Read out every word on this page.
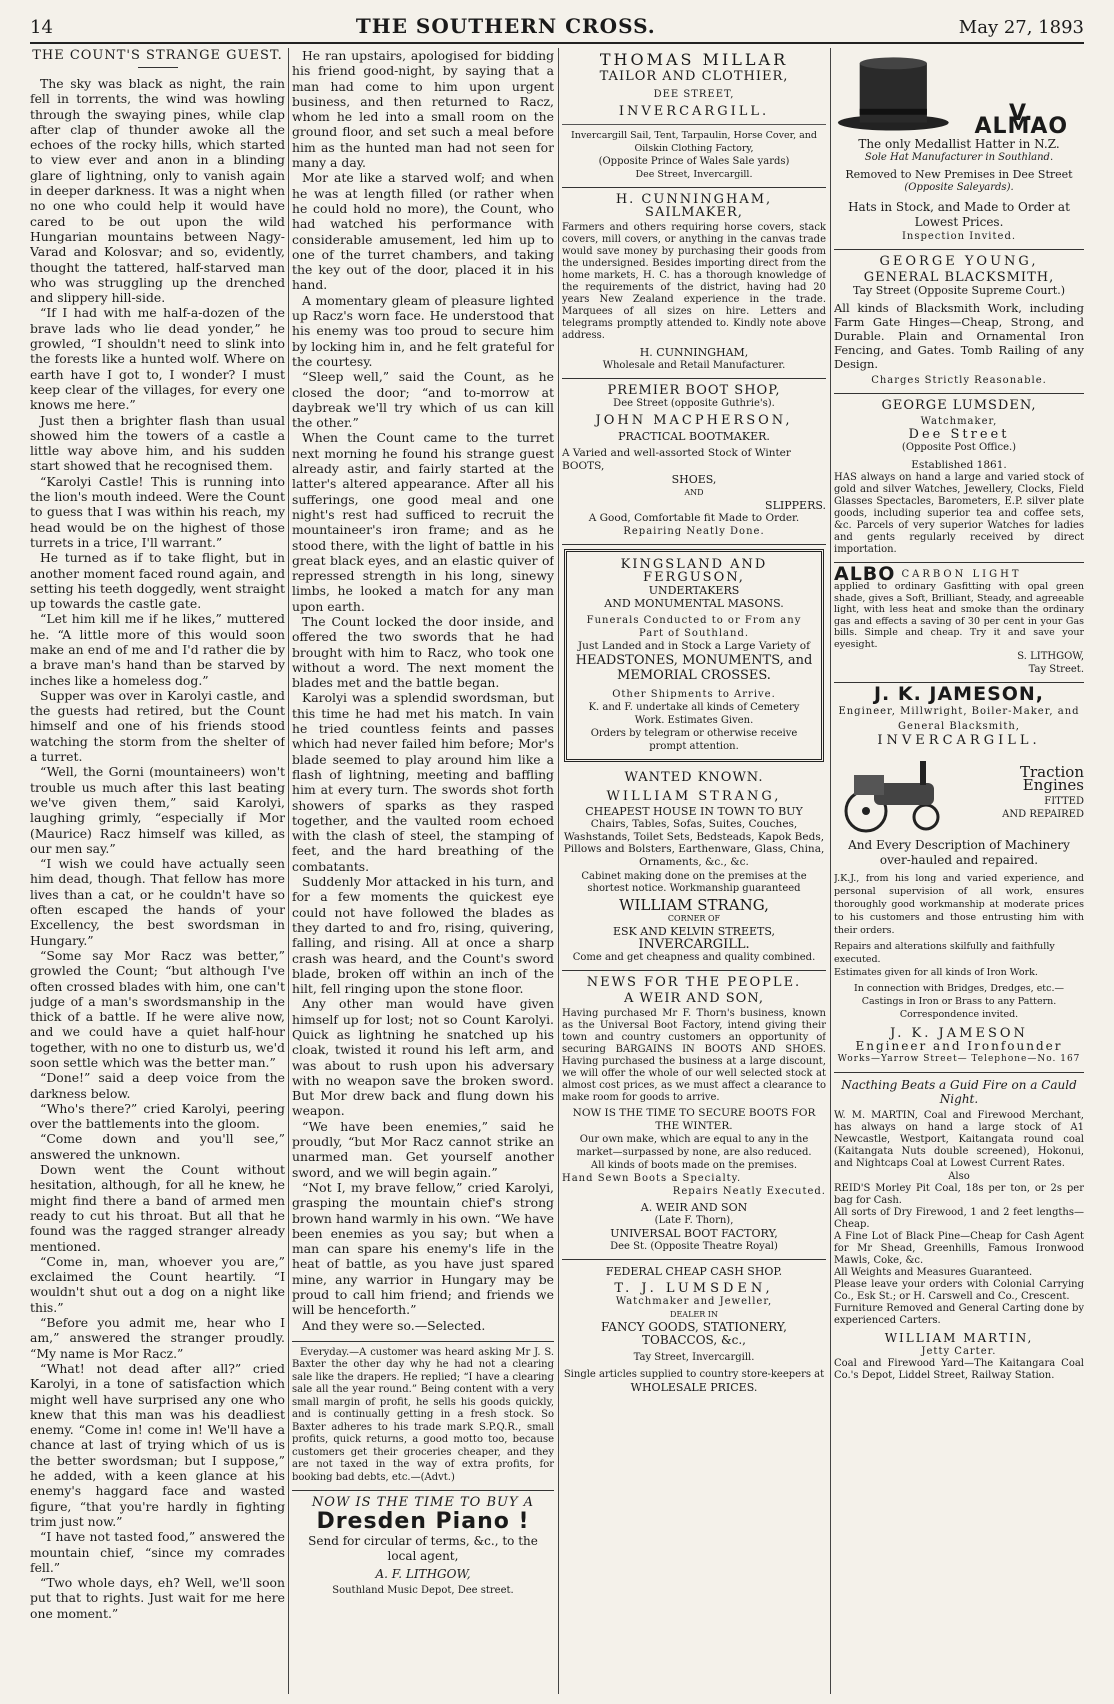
14	THE SOUTHERN CROSS.	May 27, 1893
THE COUNT'S STRANGE GUEST.

The sky was black as night, the rain fell in torrents, the wind was howling through the swaying pines, while clap after clap of thunder awoke all the echoes of the rocky hills, which started to view ever and anon in a blinding glare of lightning, only to vanish again in deeper darkness. It was a night when no one who could help it would have cared to be out upon the wild Hungarian mountains between Nagy-Varad and Kolosvar; and so, evidently, thought the tattered, half-starved man who was struggling up the drenched and slippery hill-side.

“If I had with me half-a-dozen of the brave lads who lie dead yonder,” he growled, “I shouldn't need to slink into the forests like a hunted wolf. Where on earth have I got to, I wonder? I must keep clear of the villages, for every one knows me here.”

Just then a brighter flash than usual showed him the towers of a castle a little way above him, and his sudden start showed that he recognised them.

“Karolyi Castle! This is running into the lion's mouth indeed. Were the Count to guess that I was within his reach, my head would be on the highest of those turrets in a trice, I'll warrant.”

He turned as if to take flight, but in another moment faced round again, and setting his teeth doggedly, went straight up towards the castle gate.

“Let him kill me if he likes,” muttered he. “A little more of this would soon make an end of me and I'd rather die by a brave man's hand than be starved by inches like a homeless dog.”

Supper was over in Karolyi castle, and the guests had retired, but the Count himself and one of his friends stood watching the storm from the shelter of a turret.

“Well, the Gorni (mountaineers) won't trouble us much after this last beating we've given them,” said Karolyi, laughing grimly, “especially if Mor (Maurice) Racz himself was killed, as our men say.”

“I wish we could have actually seen him dead, though. That fellow has more lives than a cat, or he couldn't have so often escaped the hands of your Excellency, the best swordsman in Hungary.”

“Some say Mor Racz was better,” growled the Count; “but although I've often crossed blades with him, one can't judge of a man's swordsmanship in the thick of a battle. If he were alive now, and we could have a quiet half-hour together, with no one to disturb us, we'd soon settle which was the better man.”

“Done!” said a deep voice from the darkness below.

“Who's there?” cried Karolyi, peering over the battlements into the gloom.

“Come down and you'll see,” answered the unknown.

Down went the Count without hesitation, although, for all he knew, he might find there a band of armed men ready to cut his throat. But all that he found was the ragged stranger already mentioned.

“Come in, man, whoever you are,” exclaimed the Count heartily. “I wouldn't shut out a dog on a night like this.”

“Before you admit me, hear who I am,” answered the stranger proudly. “My name is Mor Racz.”

“What! not dead after all?” cried Karolyi, in a tone of satisfaction which might well have surprised any one who knew that this man was his deadliest enemy. “Come in! come in! We'll have a chance at last of trying which of us is the better swordsman; but I suppose,” he added, with a keen glance at his enemy's haggard face and wasted figure, “that you're hardly in fighting trim just now.”

“I have not tasted food,” answered the mountain chief, “since my comrades fell.”

“Two whole days, eh? Well, we'll soon put that to rights. Just wait for me here one moment.”

He ran upstairs, apologised for bidding his friend good-night, by saying that a man had come to him upon urgent business, and then returned to Racz, whom he led into a small room on the ground floor, and set such a meal before him as the hunted man had not seen for many a day.

Mor ate like a starved wolf; and when he was at length filled (or rather when he could hold no more), the Count, who had watched his performance with considerable amusement, led him up to one of the turret chambers, and taking the key out of the door, placed it in his hand.

A momentary gleam of pleasure lighted up Racz's worn face. He understood that his enemy was too proud to secure him by locking him in, and he felt grateful for the courtesy.

“Sleep well,” said the Count, as he closed the door; “and to-morrow at daybreak we'll try which of us can kill the other.”

When the Count came to the turret next morning he found his strange guest already astir, and fairly started at the latter's altered appearance. After all his sufferings, one good meal and one night's rest had sufficed to recruit the mountaineer's iron frame; and as he stood there, with the light of battle in his great black eyes, and an elastic quiver of repressed strength in his long, sinewy limbs, he looked a match for any man upon earth.

The Count locked the door inside, and offered the two swords that he had brought with him to Racz, who took one without a word. The next moment the blades met and the battle began.

Karolyi was a splendid swordsman, but this time he had met his match. In vain he tried countless feints and passes which had never failed him before; Mor's blade seemed to play around him like a flash of lightning, meeting and baffling him at every turn. The swords shot forth showers of sparks as they rasped together, and the vaulted room echoed with the clash of steel, the stamping of feet, and the hard breathing of the combatants.

Suddenly Mor attacked in his turn, and for a few moments the quickest eye could not have followed the blades as they darted to and fro, rising, quivering, falling, and rising. All at once a sharp crash was heard, and the Count's sword blade, broken off within an inch of the hilt, fell ringing upon the stone floor.

Any other man would have given himself up for lost; not so Count Karolyi. Quick as lightning he snatched up his cloak, twisted it round his left arm, and was about to rush upon his adversary with no weapon save the broken sword. But Mor drew back and flung down his weapon.

“We have been enemies,” said he proudly, “but Mor Racz cannot strike an unarmed man. Get yourself another sword, and we will begin again.”

“Not I, my brave fellow,” cried Karolyi, grasping the mountain chief's strong brown hand warmly in his own. “We have been enemies as you say; but when a man can spare his enemy's life in the heat of battle, as you have just spared mine, any warrior in Hungary may be proud to call him friend; and friends we will be henceforth.”

And they were so.—Selected.

Everyday.—A customer was heard asking Mr J. S. Baxter the other day why he had not a clearing sale like the drapers. He replied; “I have a clearing sale all the year round.” Being content with a very small margin of profit, he sells his goods quickly, and is continually getting in a fresh stock. So Baxter adheres to his trade mark S.P.Q.R., small profits, quick returns, a good motto too, because customers get their groceries cheaper, and they are not taxed in the way of extra profits, for booking bad debts, etc.—(Advt.)
NOW IS THE TIME TO BUY A
Dresden Piano !
Send for circular of terms, &c., to the local agent,
A. F. LITHGOW,
Southland Music Depot, Dee street.
THOMAS MILLAR
TAILOR AND CLOTHIER,
DEE STREET,
INVERCARGILL.
Invercargill Sail, Tent, Tarpaulin, Horse Cover, and Oilskin Clothing Factory,
(Opposite Prince of Wales Sale yards)
Dee Street, Invercargill.
H. CUNNINGHAM,
SAILMAKER,
Farmers and others requiring horse covers, stack covers, mill covers, or anything in the canvas trade would save money by purchasing their goods from the undersigned. Besides importing direct from the home markets, H. C. has a thorough knowledge of the requirements of the district, having had 20 years New Zealand experience in the trade. Marquees of all sizes on hire. Letters and telegrams promptly attended to. Kindly note above address.
H. CUNNINGHAM,
Wholesale and Retail Manufacturer.
PREMIER BOOT SHOP,
Dee Street (opposite Guthrie's).
JOHN MACPHERSON,
PRACTICAL BOOTMAKER.
A Varied and well-assorted Stock of Winter BOOTS,
SHOES,
AND
SLIPPERS.
A Good, Comfortable fit Made to Order.
Repairing Neatly Done.
KINGSLAND AND FERGUSON,
UNDERTAKERS
AND MONUMENTAL MASONS.
Funerals Conducted to or From any Part of Southland.
Just Landed and in Stock a Large Variety of
HEADSTONES, MONUMENTS, and MEMORIAL CROSSES.
Other Shipments to Arrive.
K. and F. undertake all kinds of Cemetery Work. Estimates Given.
Orders by telegram or otherwise receive prompt attention.
WANTED KNOWN.
WILLIAM STRANG,
CHEAPEST HOUSE IN TOWN TO BUY
Chairs, Tables, Sofas, Suites, Couches, Washstands, Toilet Sets, Bedsteads, Kapok Beds, Pillows and Bolsters, Earthenware, Glass, China, Ornaments, &c., &c.
Cabinet making done on the premises at the shortest notice. Workmanship guaranteed
WILLIAM STRANG,
CORNER OF
ESK AND KELVIN STREETS,
INVERCARGILL.
Come and get cheapness and quality combined.
NEWS FOR THE PEOPLE.
A WEIR AND SON,
Having purchased Mr F. Thorn's business, known as the Universal Boot Factory, intend giving their town and country customers an opportunity of securing BARGAINS IN BOOTS AND SHOES. Having purchased the business at a large discount, we will offer the whole of our well selected stock at almost cost prices, as we must affect a clearance to make room for goods to arrive.
NOW IS THE TIME TO SECURE BOOTS FOR THE WINTER.
Our own make, which are equal to any in the market—surpassed by none, are also reduced.
All kinds of boots made on the premises.
Hand Sewn Boots a Specialty.
Repairs Neatly Executed.
A. WEIR AND SON
(Late F. Thorn),
UNIVERSAL BOOT FACTORY,
Dee St. (Opposite Theatre Royal)
FEDERAL CHEAP CASH SHOP.
T. J. LUMSDEN,
Watchmaker and Jeweller,
DEALER IN
FANCY GOODS, STATIONERY, TOBACCOS, &c.,
Tay Street, Invercargill.
Single articles supplied to country store-keepers at
WHOLESALE PRICES.
V. ALMAO
The only Medallist Hatter in N.Z.
Sole Hat Manufacturer in Southland.
Removed to New Premises in Dee Street
(Opposite Saleyards).
Hats in Stock, and Made to Order at Lowest Prices.
Inspection Invited.
GEORGE YOUNG,
GENERAL BLACKSMITH,
Tay Street (Opposite Supreme Court.)
All kinds of Blacksmith Work, including Farm Gate Hinges—Cheap, Strong, and Durable. Plain and Ornamental Iron Fencing, and Gates. Tomb Railing of any Design.
Charges Strictly Reasonable.
GEORGE LUMSDEN,
Watchmaker,
Dee Street
(Opposite Post Office.)
Established 1861.
HAS always on hand a large and varied stock of gold and silver Watches, Jewellery, Clocks, Field Glasses Spectacles, Barometers, E.P. silver plate goods, including superior tea and coffee sets, &c. Parcels of very superior Watches for ladies and gents regularly received by direct importation.
ALBO CARBON LIGHT
applied to ordinary Gasfitting with opal green shade, gives a Soft, Brilliant, Steady, and agreeable light, with less heat and smoke than the ordinary gas and effects a saving of 30 per cent in your Gas bills. Simple and cheap. Try it and save your eyesight.
S. LITHGOW,
Tay Street.
J. K. JAMESON,
Engineer, Millwright, Boiler-Maker, and General Blacksmith,
INVERCARGILL.
Traction
Engines
FITTED
AND REPAIRED
And Every Description of Machinery over-hauled and repaired.
J.K.J., from his long and varied experience, and personal supervision of all work, ensures thoroughly good workmanship at moderate prices to his customers and those entrusting him with their orders.
Repairs and alterations skilfully and faithfully executed.
Estimates given for all kinds of Iron Work.
In connection with Bridges, Dredges, etc.—Castings in Iron or Brass to any Pattern. Correspondence invited.
J. K. JAMESON
Engineer and Ironfounder
Works—Yarrow Street— Telephone—No. 167
Nacthing Beats a Guid Fire on a Cauld Night.
W. M. MARTIN, Coal and Firewood Merchant, has always on hand a large stock of A1 Newcastle, Westport, Kaitangata round coal (Kaitangata Nuts double screened), Hokonui, and Nightcaps Coal at Lowest Current Rates.
Also
REID'S Morley Pit Coal, 18s per ton, or 2s per bag for Cash.
All sorts of Dry Firewood, 1 and 2 feet lengths—Cheap.
A Fine Lot of Black Pine—Cheap for Cash Agent for Mr Shead, Greenhills, Famous Ironwood Mawls, Coke, &c.
All Weights and Measures Guaranteed.
Please leave your orders with Colonial Carrying Co., Esk St.; or H. Carswell and Co., Crescent.
Furniture Removed and General Carting done by experienced Carters.
WILLIAM MARTIN,
Jetty Carter.
Coal and Firewood Yard—The Kaitangara Coal Co.'s Depot, Liddel Street, Railway Station.
